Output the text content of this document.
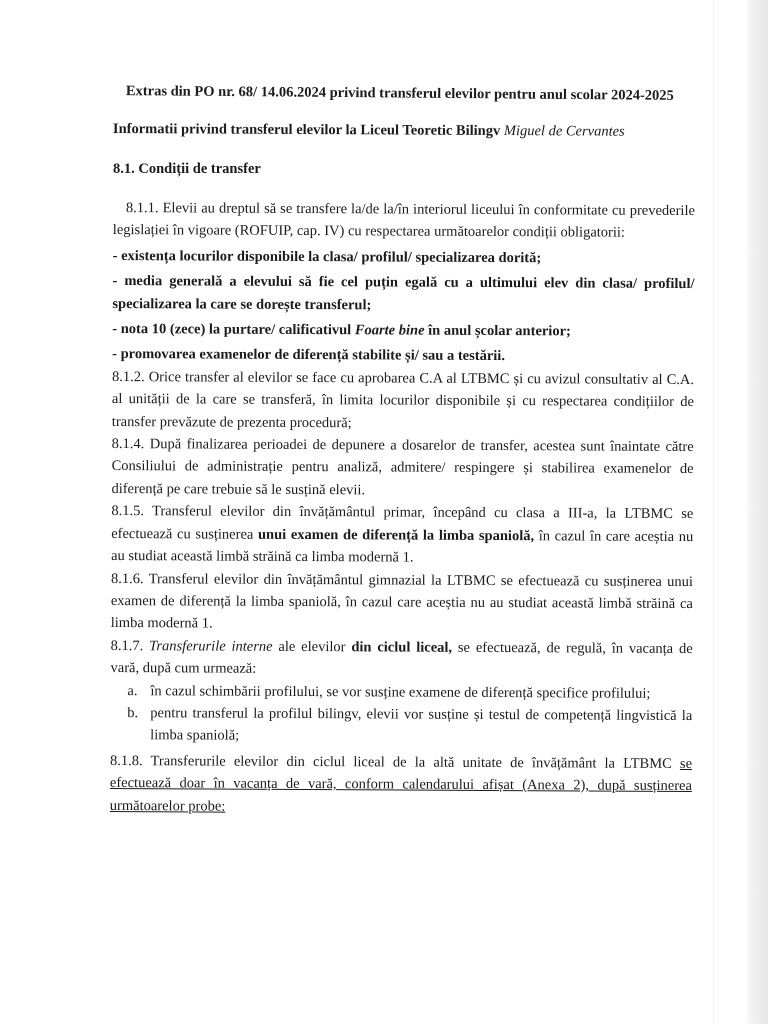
Extras din PO nr. 68/ 14.06.2024 privind transferul elevilor pentru anul scolar 2024-2025
Informatii privind transferul elevilor la Liceul Teoretic Bilingv Miguel de Cervantes
8.1. Condiții de transfer

8.1.1. Elevii au dreptul să se transfere la/de la/în interiorul liceului în conformitate cu prevederile legislației în vigoare (ROFUIP, cap. IV) cu respectarea următoarelor condiții obligatorii:

- existența locurilor disponibile la clasa/ profilul/ specializarea dorită;

- media generală a elevului să fie cel puțin egală cu a ultimului elev din clasa/ profilul/ specializarea la care se dorește transferul;

- nota 10 (zece) la purtare/ calificativul Foarte bine în anul școlar anterior;

- promovarea examenelor de diferență stabilite și/ sau a testării.

8.1.2. Orice transfer al elevilor se face cu aprobarea C.A al LTBMC și cu avizul consultativ al C.A. al unității de la care se transferă, în limita locurilor disponibile și cu respectarea condițiilor de transfer prevăzute de prezenta procedură;

8.1.4. După finalizarea perioadei de depunere a dosarelor de transfer, acestea sunt înaintate către Consiliului de administrație pentru analiză, admitere/ respingere și stabilirea examenelor de diferență pe care trebuie să le susțină elevii.

8.1.5. Transferul elevilor din învățământul primar, începând cu clasa a III-a, la LTBMC se efectuează cu susținerea unui examen de diferență la limba spaniolă, în cazul în care aceștia nu au studiat această limbă străină ca limba modernă 1.

8.1.6. Transferul elevilor din învățământul gimnazial la LTBMC se efectuează cu susținerea unui examen de diferență la limba spaniolă, în cazul care aceștia nu au studiat această limbă străină ca limba modernă 1.

8.1.7. Transferurile interne ale elevilor din ciclul liceal, se efectuează, de regulă, în vacanța de vară, după cum urmează:

a. în cazul schimbării profilului, se vor susține examene de diferență specifice profilului;
b. pentru transferul la profilul bilingv, elevii vor susține și testul de competență lingvistică la limba spaniolă;

8.1.8. Transferurile elevilor din ciclul liceal de la altă unitate de învățământ la LTBMC se efectuează doar în vacanța de vară, conform calendarului afișat (Anexa 2), după susținerea următoarelor probe:
